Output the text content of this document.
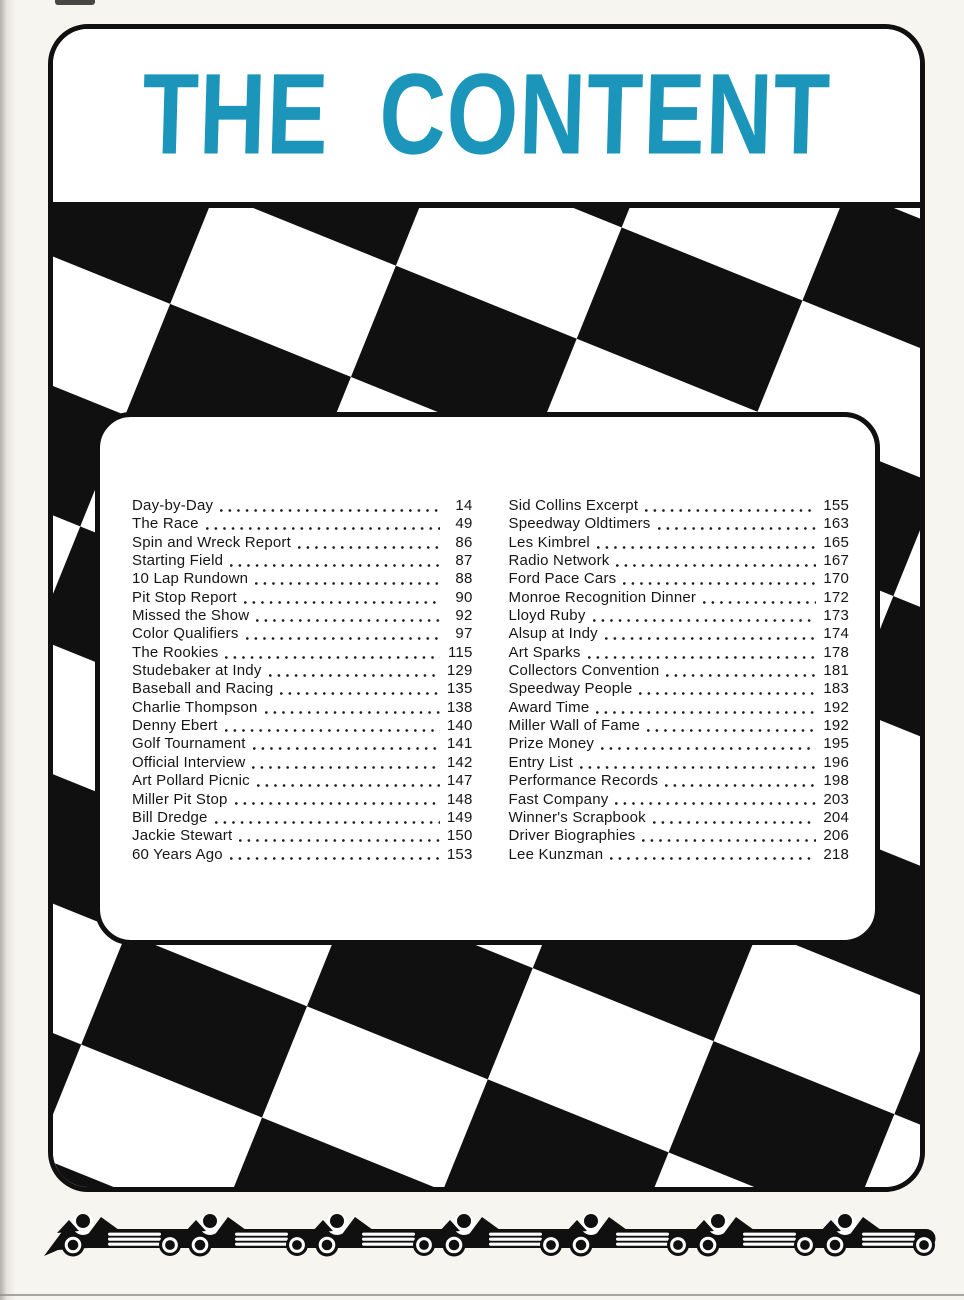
THE CONTENT
Day-by-Day	14
The Race	49
Spin and Wreck Report	86
Starting Field	87
10 Lap Rundown	88
Pit Stop Report	90
Missed the Show	92
Color Qualifiers	97
The Rookies	115
Studebaker at Indy	129
Baseball and Racing	135
Charlie Thompson	138
Denny Ebert	140
Golf Tournament	141
Official Interview	142
Art Pollard Picnic	147
Miller Pit Stop	148
Bill Dredge	149
Jackie Stewart	150
60 Years Ago	153
Sid Collins Excerpt	155
Speedway Oldtimers	163
Les Kimbrel	165
Radio Network	167
Ford Pace Cars	170
Monroe Recognition Dinner	172
Lloyd Ruby	173
Alsup at Indy	174
Art Sparks	178
Collectors Convention	181
Speedway People	183
Award Time	192
Miller Wall of Fame	192
Prize Money	195
Entry List	196
Performance Records	198
Fast Company	203
Winner's Scrapbook	204
Driver Biographies	206
Lee Kunzman	218
